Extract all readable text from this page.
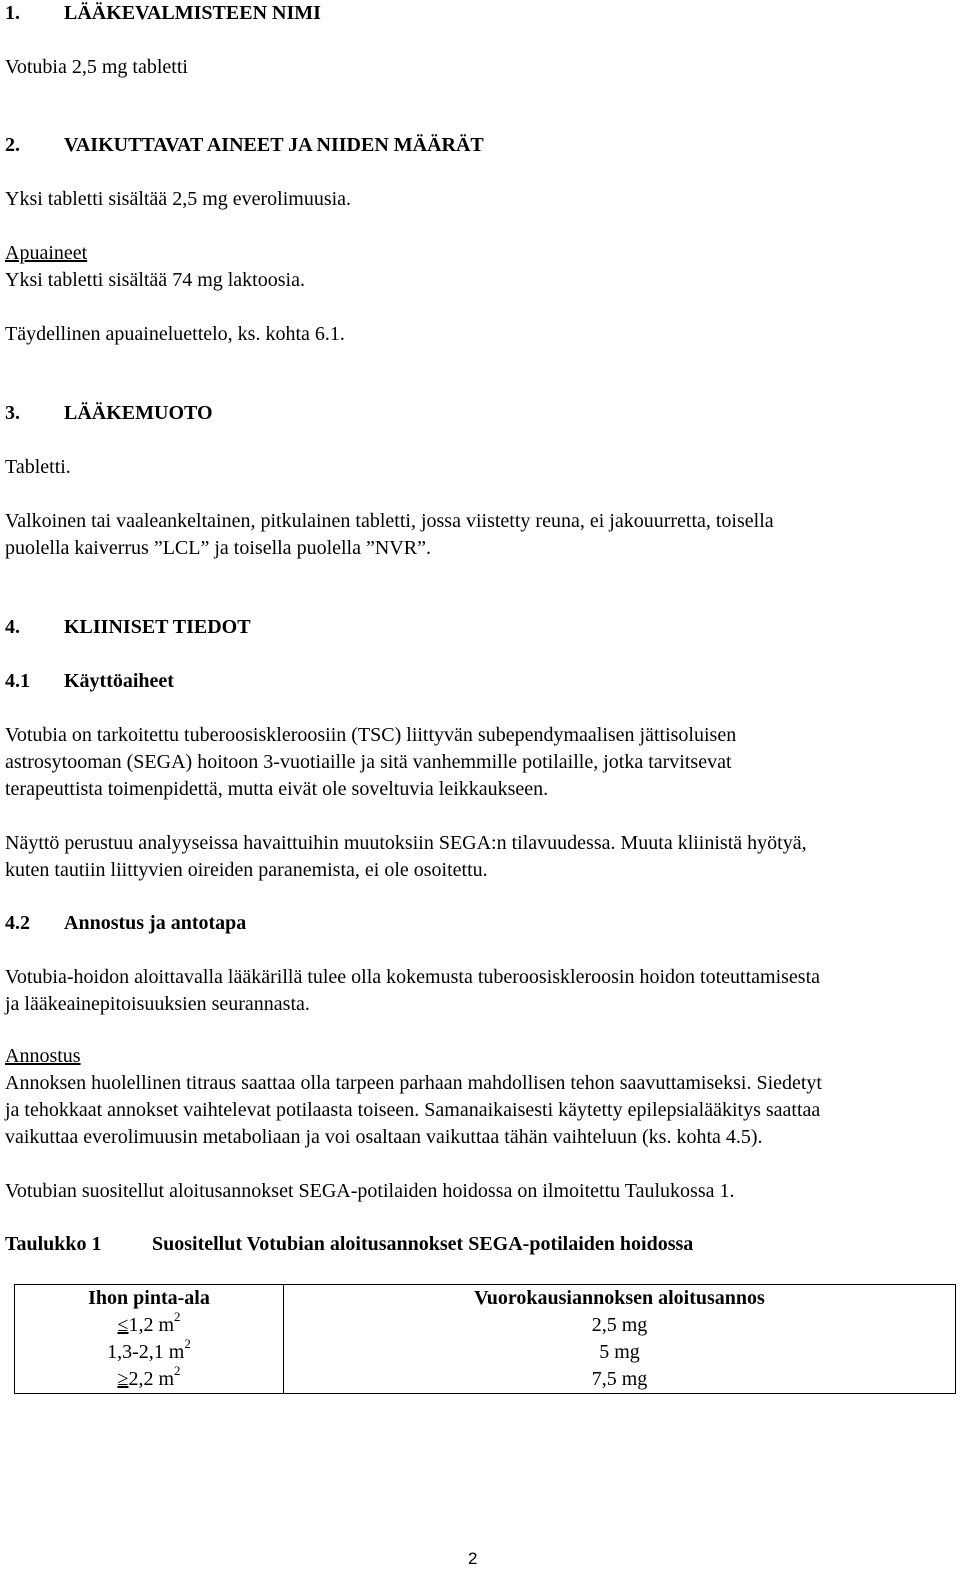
1. LÄÄKEVALMISTEEN NIMI
Votubia 2,5 mg tabletti
2. VAIKUTTAVAT AINEET JA NIIDEN MÄÄRÄT
Yksi tabletti sisältää 2,5 mg everolimuusia.
Apuaineet
Yksi tabletti sisältää 74 mg laktoosia.
Täydellinen apuaineluettelo, ks. kohta 6.1.
3. LÄÄKEMUOTO
Tabletti.
Valkoinen tai vaaleankeltainen, pitkulainen tabletti, jossa viistetty reuna, ei jakouurretta, toisella
puolella kaiverrus ”LCL” ja toisella puolella ”NVR”.
4. KLIINISET TIEDOT
4.1 Käyttöaiheet
Votubia on tarkoitettu tuberoosiskleroosiin (TSC) liittyvän subependymaalisen jättisoluisen
astrosytooman (SEGA) hoitoon 3-vuotiaille ja sitä vanhemmille potilaille, jotka tarvitsevat
terapeuttista toimenpidettä, mutta eivät ole soveltuvia leikkaukseen.
Näyttö perustuu analyyseissa havaittuihin muutoksiin SEGA:n tilavuudessa. Muuta kliinistä hyötyä,
kuten tautiin liittyvien oireiden paranemista, ei ole osoitettu.
4.2 Annostus ja antotapa
Votubia-hoidon aloittavalla lääkärillä tulee olla kokemusta tuberoosiskleroosin hoidon toteuttamisesta
ja lääkeainepitoisuuksien seurannasta.
Annostus
Annoksen huolellinen titraus saattaa olla tarpeen parhaan mahdollisen tehon saavuttamiseksi. Siedetyt
ja tehokkaat annokset vaihtelevat potilaasta toiseen. Samanaikaisesti käytetty epilepsialääkitys saattaa
vaikuttaa everolimuusin metaboliaan ja voi osaltaan vaikuttaa tähän vaihteluun (ks. kohta 4.5).
Votubian suositellut aloitusannokset SEGA-potilaiden hoidossa on ilmoitettu Taulukossa 1.
Taulukko 1	Suositellut Votubian aloitusannokset SEGA-potilaiden hoidossa
Ihon pinta-ala	Vuorokausiannoksen aloitusannos
≤1,2 $m^2$	2,5 mg
1,3-2,1 $m^2$	5 mg
≥2,2 $m^2$	7,5 mg
2
